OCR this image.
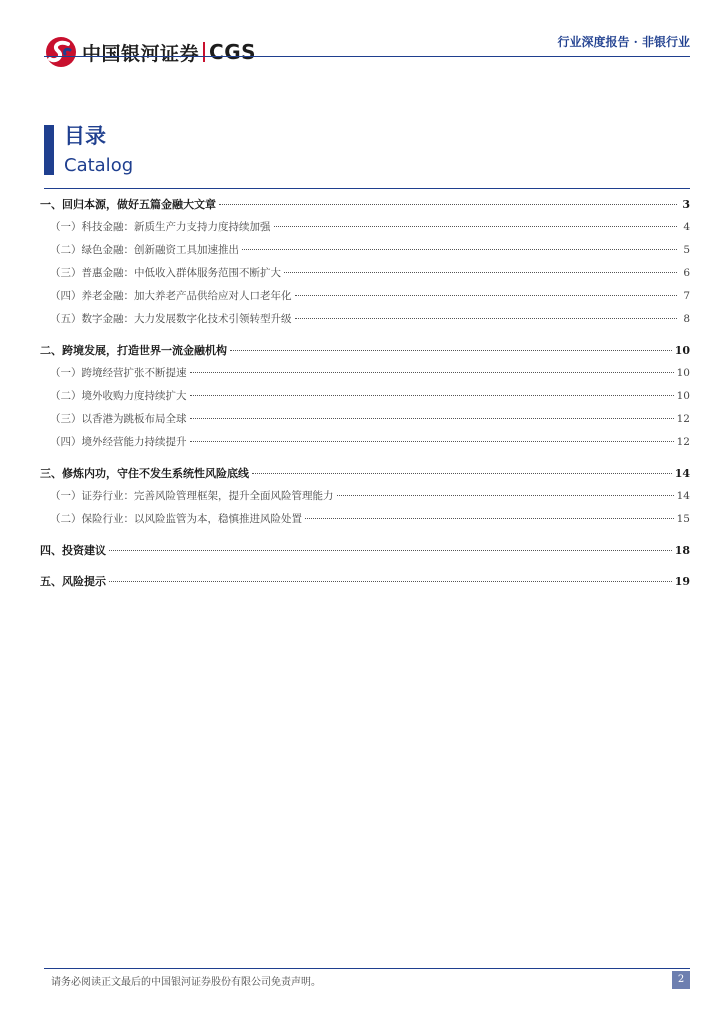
中国银河证券 CGS	行业深度报告 · 非银行业
目录
Catalog
一、回归本源，做好五篇金融大文章	3
（一）科技金融：新质生产力支持力度持续加强	4
（二）绿色金融：创新融资工具加速推出	5
（三）普惠金融：中低收入群体服务范围不断扩大	6
（四）养老金融：加大养老产品供给应对人口老年化	7
（五）数字金融：大力发展数字化技术引领转型升级	8
二、跨境发展，打造世界一流金融机构	10
（一）跨境经营扩张不断提速	10
（二）境外收购力度持续扩大	10
（三）以香港为跳板布局全球	12
（四）境外经营能力持续提升	12
三、修炼内功，守住不发生系统性风险底线	14
（一）证券行业：完善风险管理框架，提升全面风险管理能力	14
（二）保险行业：以风险监管为本，稳慎推进风险处置	15
四、投资建议	18
五、风险提示	19
请务必阅读正文最后的中国银河证券股份有限公司免责声明。	2
